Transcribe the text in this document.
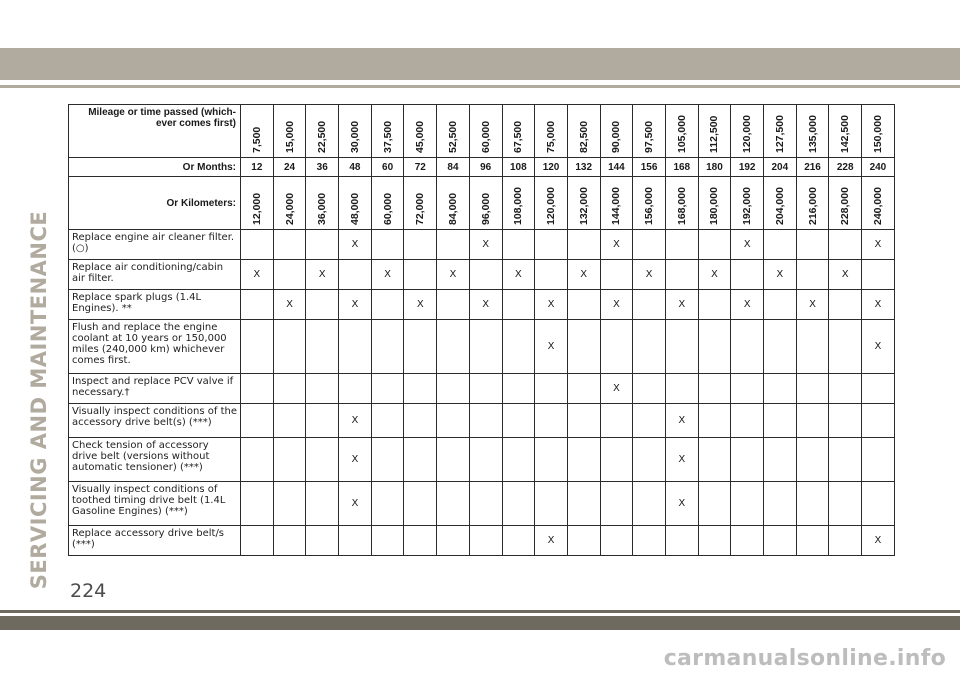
SERVICING AND MAINTENANCE
Mileage or time passed (which-ever comes first)	7,500	15,000	22,500	30,000	37,500	45,000	52,500	60,000	67,500	75,000	82,500	90,000	97,500	105,000	112,500	120,000	127,500	135,000	142,500	150,000

Or Months:	12	24	36	48	60	72	84	96	108	120	132	144	156	168	180	192	204	216	228	240
Or Kilometers:	12,000	24,000	36,000	48,000	60,000	72,000	84,000	96,000	108,000	120,000	132,000	144,000	156,000	168,000	180,000	192,000	204,000	216,000	228,000	240,000

Replace engine air cleaner filter. (○)				X				X				X				X				X
Replace air conditioning/cabin air filter.	X		X		X		X		X		X		X		X		X		X	
Replace spark plugs (1.4L Engines). **		X		X		X		X		X		X		X		X		X		X
Flush and replace the engine coolant at 10 years or 150,000 miles (240,000 km) whichever comes first.										X										X
Inspect and replace PCV valve if necessary.†												X								
Visually inspect conditions of the accessory drive belt(s) (***)				X										X						
Check tension of accessory drive belt (versions without automatic tensioner) (***)				X										X						
Visually inspect conditions of toothed timing drive belt (1.4L Gasoline Engines) (***)				X										X						
Replace accessory drive belt/s (***)										X										X
224
carmanualsonline.info
